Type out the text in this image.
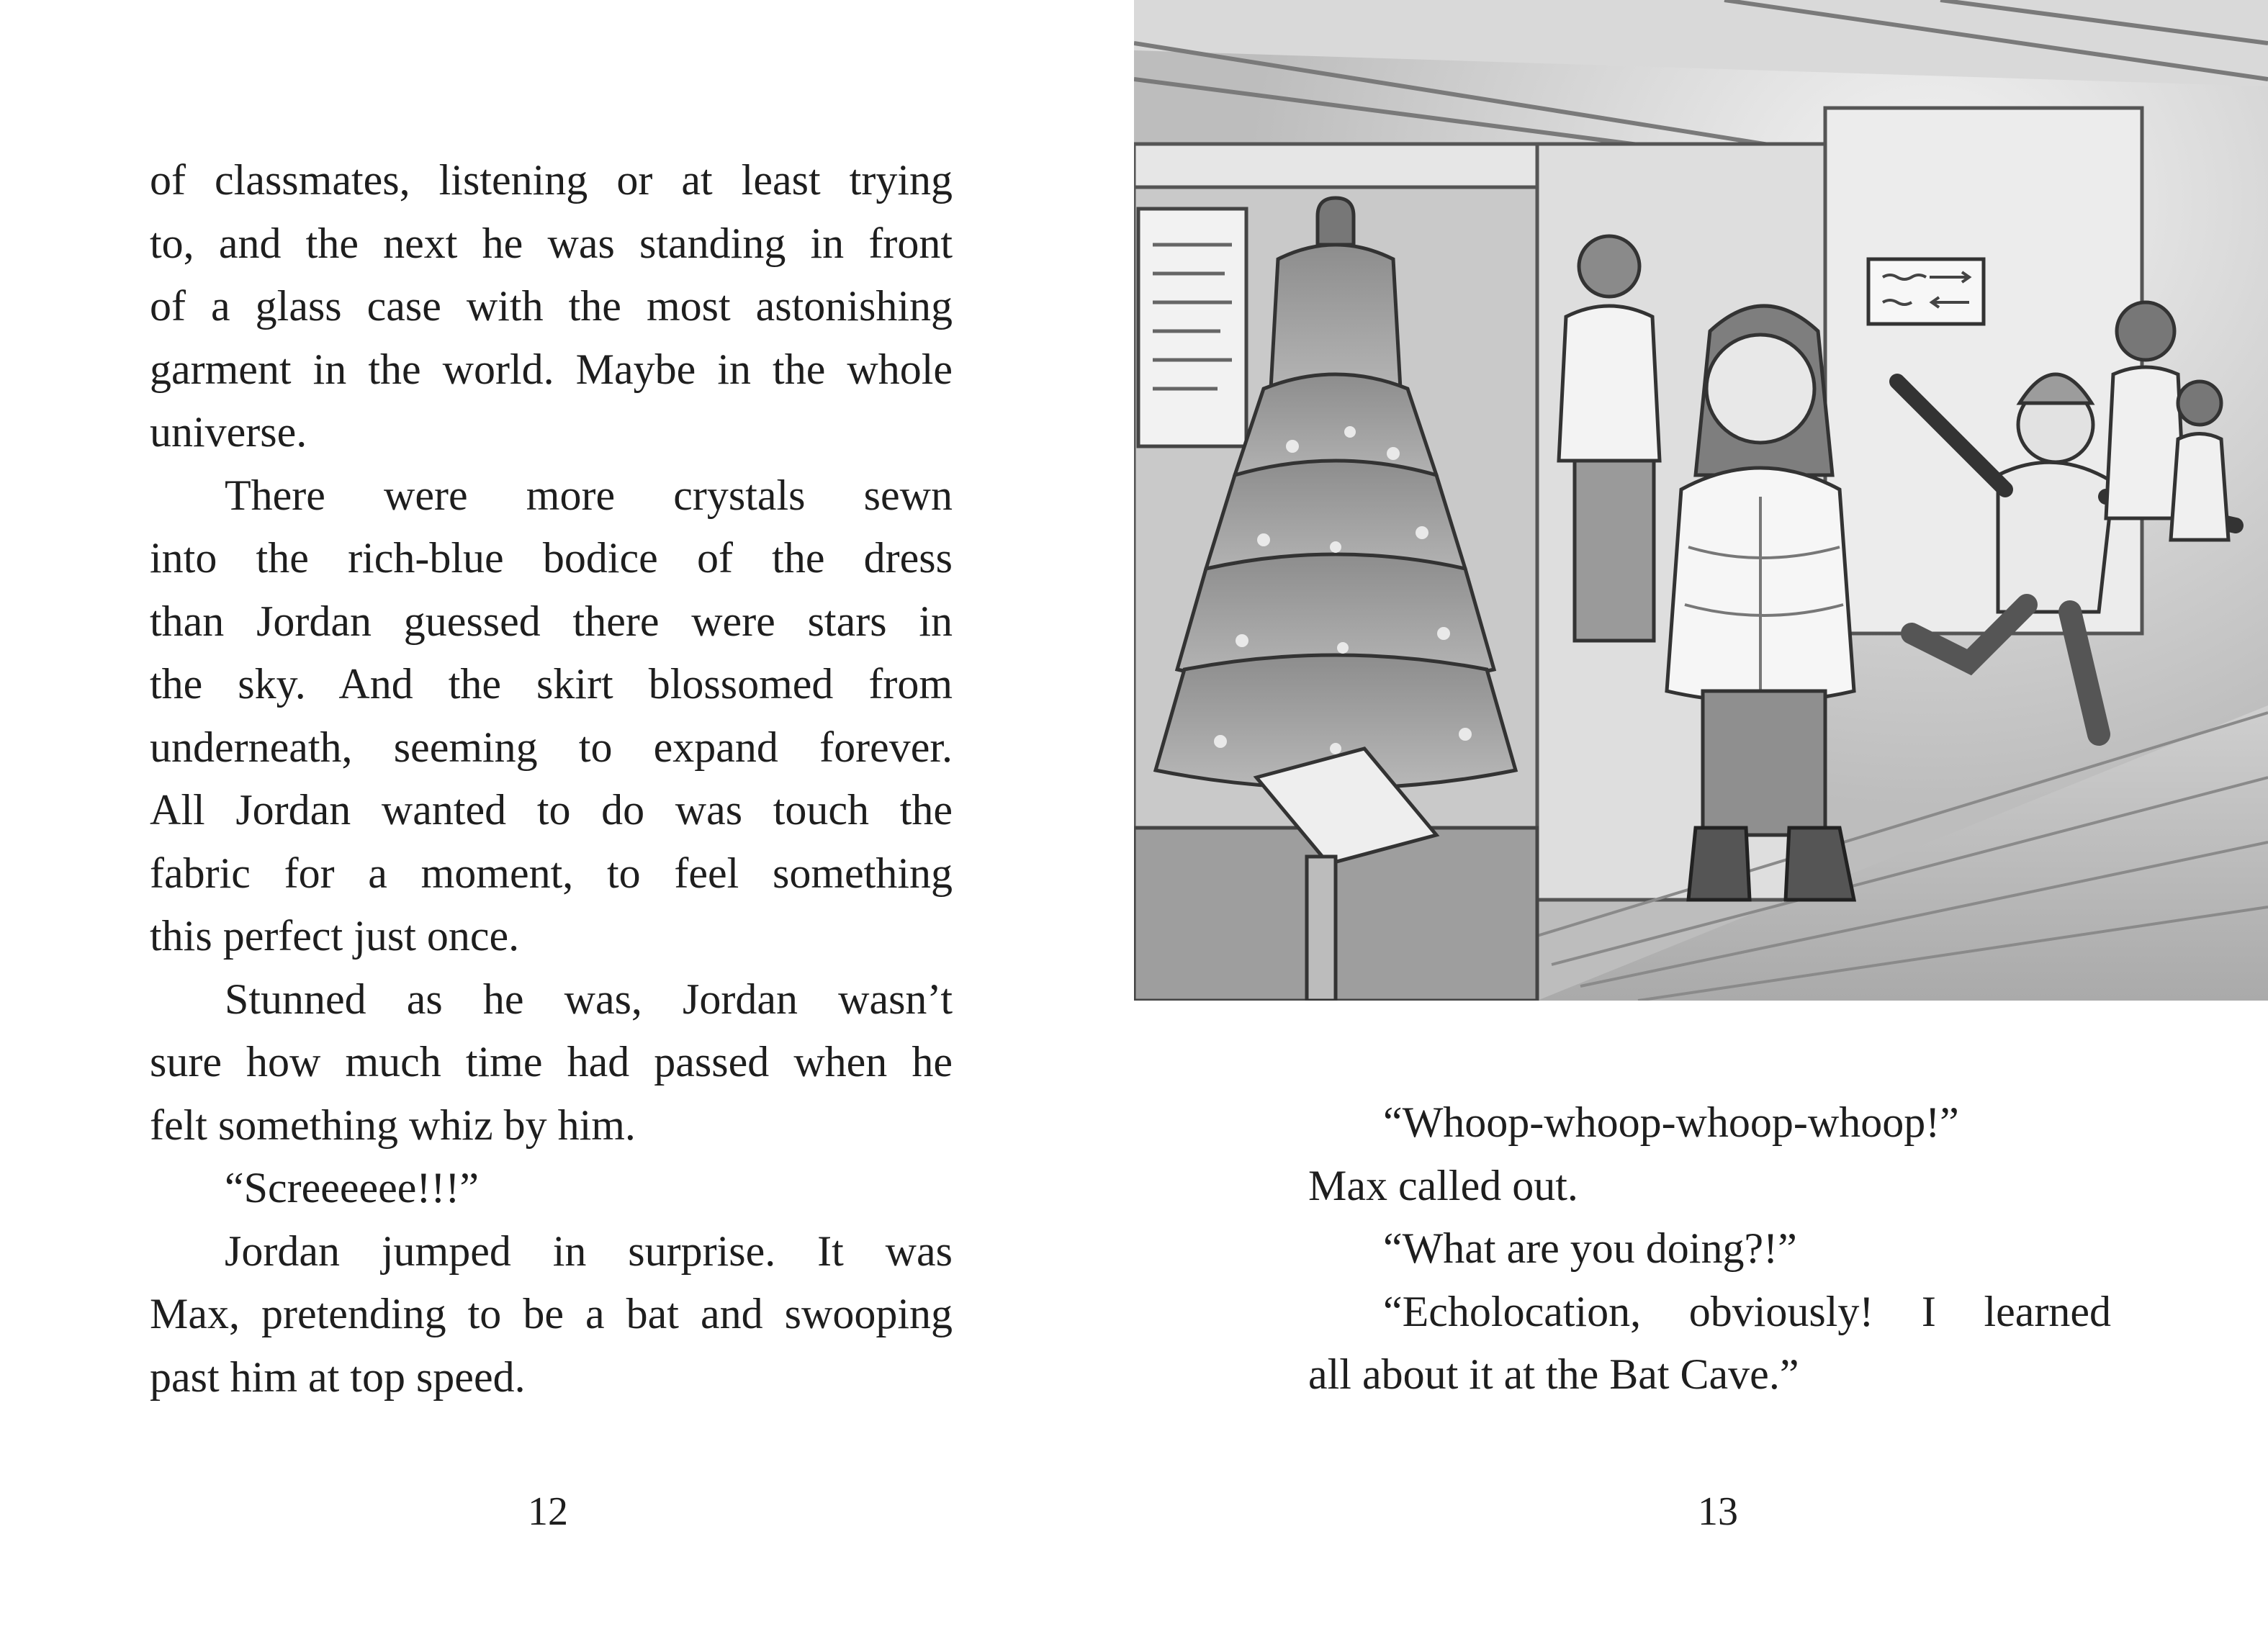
of classmates, listening or at least trying
to, and the next he was standing in front
of a glass case with the most astonishing
garment in the world. Maybe in the whole
universe.
There were more crystals sewn
into the rich-blue bodice of the dress
than Jordan guessed there were stars in
the sky. And the skirt blossomed from
underneath, seeming to expand forever.
All Jordan wanted to do was touch the
fabric for a moment, to feel something
this perfect just once.
Stunned as he was, Jordan wasn’t
sure how much time had passed when he
felt something whiz by him.
“Screeeeee!!!”
Jordan jumped in surprise. It was
Max, pretending to be a bat and swooping
past him at top speed.
12
“Whoop-whoop-whoop-whoop!”
Max called out.
“What are you doing?!”
“Echolocation, obviously! I learned
all about it at the Bat Cave.”
13
